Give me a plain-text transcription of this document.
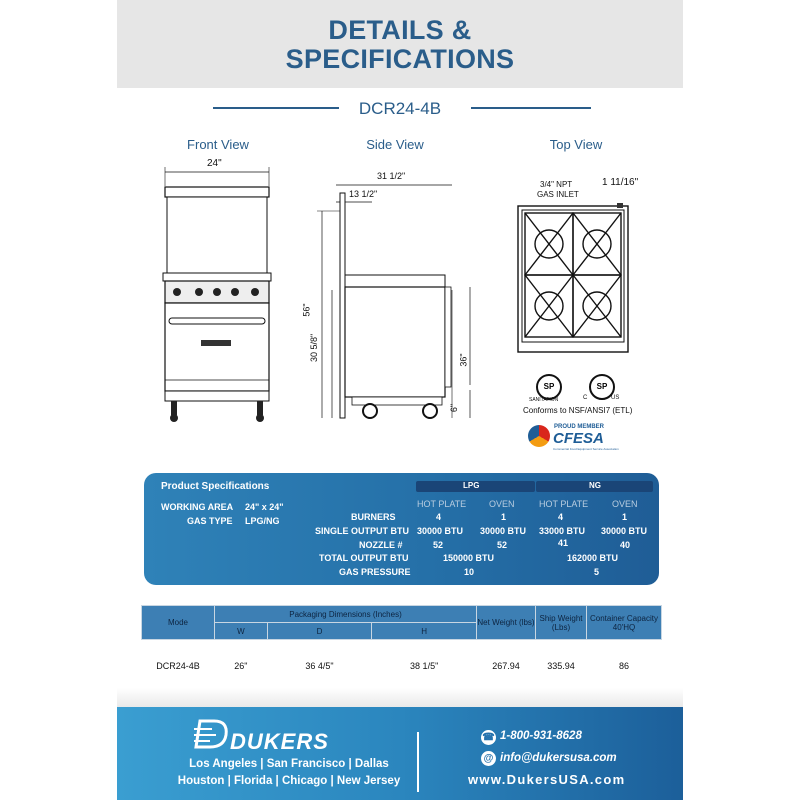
DETAILS &
SPECIFICATIONS
DCR24-4B
Front View	Side View	Top View
24"
31 1/2"
13 1/2"
56"
30 5/8"	36"
6"
3/4" NPT
GAS INLET
1 11/16"
SP
SANITATION
SP
C	US
Conforms to NSF/ANSI7 (ETL)
PROUD MEMBER
CFESA
Commercial Food Equipment Service Association
Product Specifications
WORKING AREA 24" x 24"
GAS TYPE LPG/NG
LPG	NG
HOT PLATE	OVEN	HOT PLATE	OVEN
BURNERS	4	1	4	1
SINGLE OUTPUT BTU 30000 BTU 30000 BTU 33000 BTU 30000 BTU
NOZZLE #	52	52	41	40
TOTAL OUTPUT BTU	150000 BTU	162000 BTU
GAS PRESSURE	10	5
Mode	Packaging Dimensions (Inches)			Net Weight (lbs)	Ship Weight (Lbs)	Container Capacity 40'HQ
	W	D	H			
DCR24-4B	26"	36 4/5"	38 1/5"	267.94	335.94	86
DUKERS
Los Angeles | San Francisco | Dallas
Houston | Florida | Chicago | New Jersey
☎ 1-800-931-8628
@ info@dukersusa.com
www.DukersUSA.com
